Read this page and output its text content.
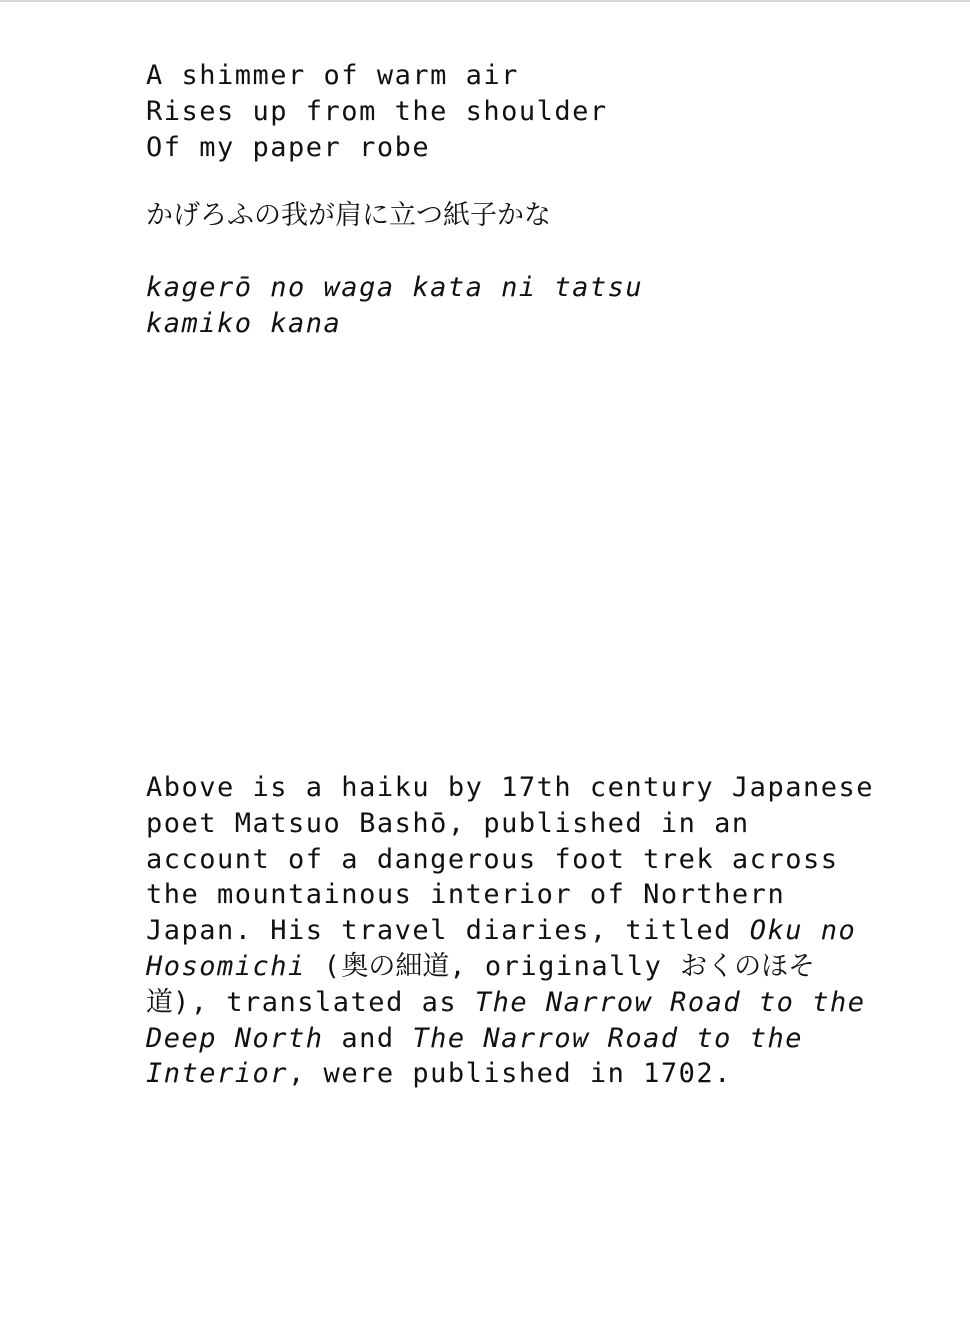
A shimmer of warm air
Rises up from the shoulder
Of my paper robe
かげろふの我が肩に立つ紙子かな
kagerō no waga kata ni tatsu
kamiko kana
Above is a haiku by 17th century Japanese
poet Matsuo Bashō, published in an
account of a dangerous foot trek across
the mountainous interior of Northern
Japan. His travel diaries, titled Oku no
Hosomichi (奥の細道, originally おくのほそ
道), translated as The Narrow Road to the
Deep North and The Narrow Road to the
Interior, were published in 1702.
